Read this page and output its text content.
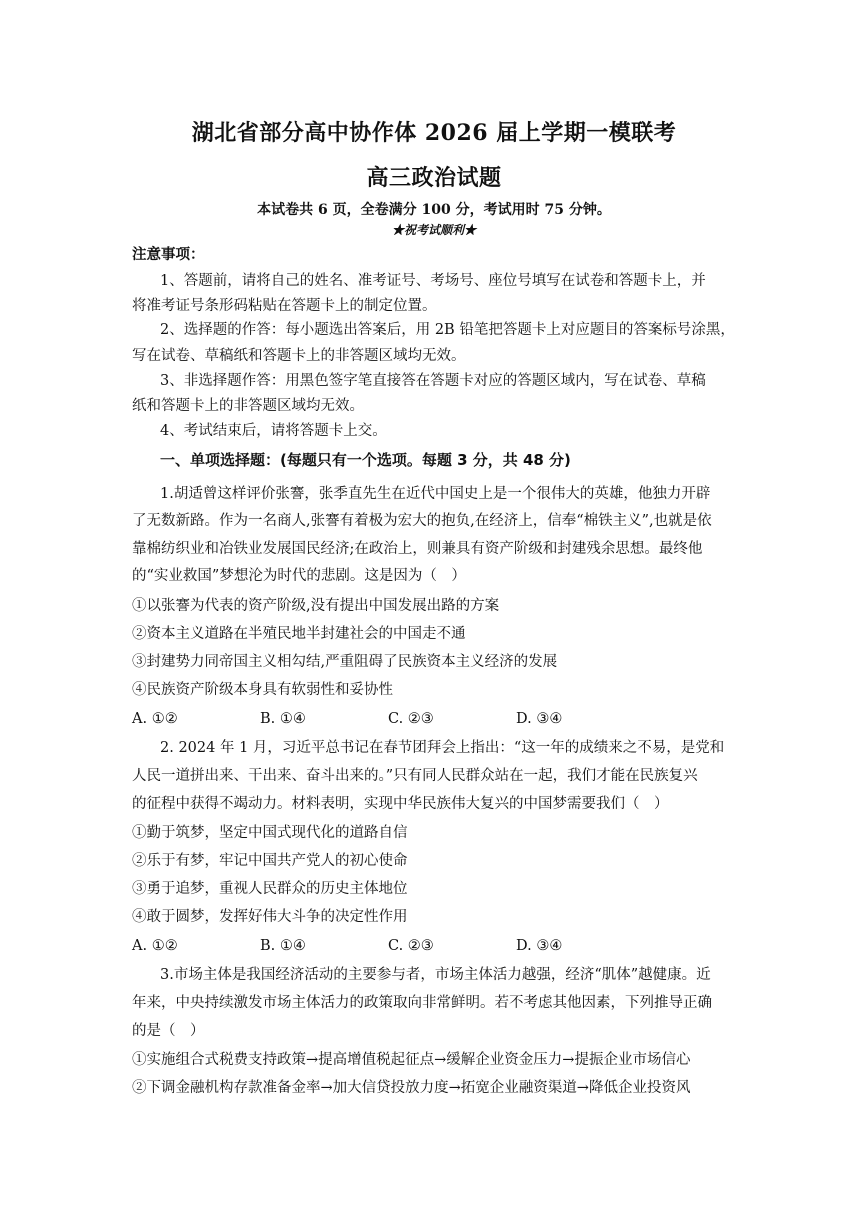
湖北省部分高中协作体 2026 届上学期一模联考
高三政治试题
本试卷共 6 页，全卷满分 100 分，考试用时 75 分钟。
★祝考试顺利★
注意事项：
1、答题前，请将自己的姓名、准考证号、考场号、座位号填写在试卷和答题卡上，并
将准考证号条形码粘贴在答题卡上的制定位置。
2、选择题的作答：每小题选出答案后，用 2B 铅笔把答题卡上对应题目的答案标号涂黑，
写在试卷、草稿纸和答题卡上的非答题区域均无效。
3、非选择题作答：用黑色签字笔直接答在答题卡对应的答题区域内，写在试卷、草稿
纸和答题卡上的非答题区域均无效。
4、考试结束后，请将答题卡上交。
一、单项选择题：(每题只有一个选项。每题 3 分，共 48 分)
1.胡适曾这样评价张謇，张季直先生在近代中国史上是一个很伟大的英雄，他独力开辟
了无数新路。作为一名商人,张謇有着极为宏大的抱负,在经济上，信奉“棉铁主义”,也就是依
靠棉纺织业和冶铁业发展国民经济;在政治上，则兼具有资产阶级和封建残余思想。最终他
的“实业救国”梦想沦为时代的悲剧。这是因为（　）
①以张謇为代表的资产阶级,没有提出中国发展出路的方案
②资本主义道路在半殖民地半封建社会的中国走不通
③封建势力同帝国主义相勾结,严重阻碍了民族资本主义经济的发展
④民族资产阶级本身具有软弱性和妥协性
A. ①②	B. ①④	C. ②③	D. ③④
2. 2024 年 1 月，习近平总书记在春节团拜会上指出：“这一年的成绩来之不易，是党和
人民一道拼出来、干出来、奋斗出来的。”只有同人民群众站在一起，我们才能在民族复兴
的征程中获得不竭动力。材料表明，实现中华民族伟大复兴的中国梦需要我们（　）
①勤于筑梦，坚定中国式现代化的道路自信
②乐于有梦，牢记中国共产党人的初心使命
③勇于追梦，重视人民群众的历史主体地位
④敢于圆梦，发挥好伟大斗争的决定性作用
A. ①②	B. ①④	C. ②③	D. ③④
3.市场主体是我国经济活动的主要参与者，市场主体活力越强，经济“肌体”越健康。近
年来，中央持续激发市场主体活力的政策取向非常鲜明。若不考虑其他因素，下列推导正确
的是（　）
①实施组合式税费支持政策→提高增值税起征点→缓解企业资金压力→提振企业市场信心
②下调金融机构存款准备金率→加大信贷投放力度→拓宽企业融资渠道→降低企业投资风
